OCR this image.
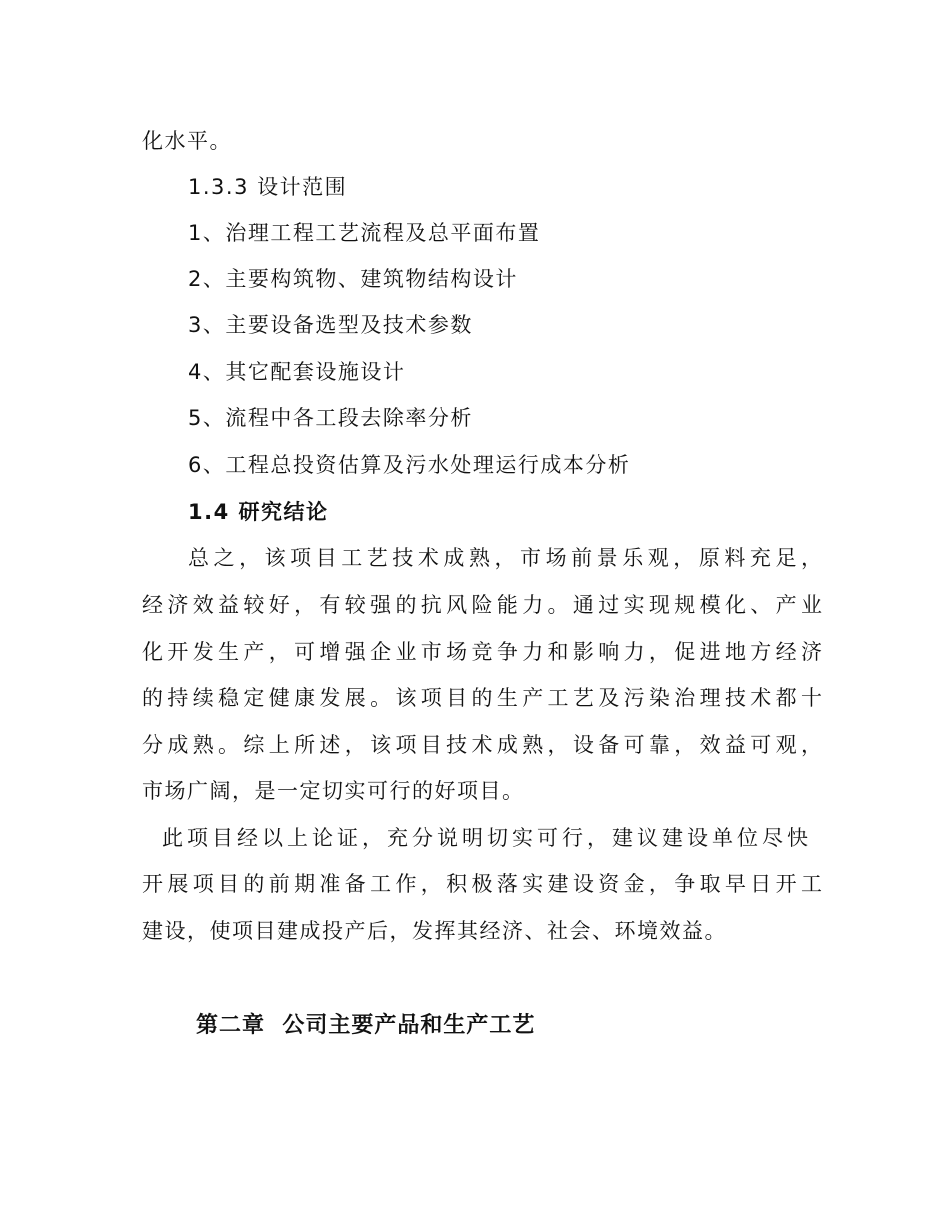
化水平。
1.3.3 设计范围
1、治理工程工艺流程及总平面布置
2、主要构筑物、建筑物结构设计
3、主要设备选型及技术参数
4、其它配套设施设计
5、流程中各工段去除率分析
6、工程总投资估算及污水处理运行成本分析
1.4 研究结论
总之，该项目工艺技术成熟，市场前景乐观，原料充足，
经济效益较好，有较强的抗风险能力。通过实现规模化、产业
化开发生产，可增强企业市场竞争力和影响力，促进地方经济
的持续稳定健康发展。该项目的生产工艺及污染治理技术都十
分成熟。综上所述，该项目技术成熟，设备可靠，效益可观，
市场广阔，是一定切实可行的好项目。
此项目经以上论证，充分说明切实可行，建议建设单位尽快
开展项目的前期准备工作，积极落实建设资金，争取早日开工
建设，使项目建成投产后，发挥其经济、社会、环境效益。
第二章  公司主要产品和生产工艺
